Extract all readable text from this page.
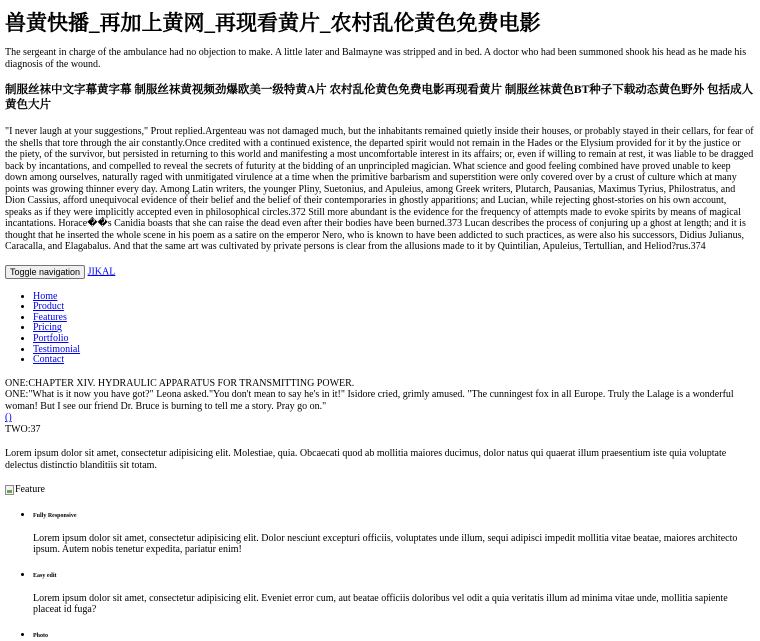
兽黄快播_再加上黄网_再现看黄片_农村乱伦黄色免费电影

The sergeant in charge of the ambulance had no objection to make. A little later and Balmayne was stripped and in bed. A doctor who had been summoned shook his head as he made his diagnosis of the wound.

制服丝袜中文字幕黄字幕 制服丝袜黄视频劲爆欧美一级特黄A片 农村乱伦黄色免费电影再现看黄片 制服丝袜黄色BT种子下载动态黄色野外 包括成人黄色大片

"I never laugh at your suggestions," Prout replied.Argenteau was not damaged much, but the inhabitants remained quietly inside their houses, or probably stayed in their cellars, for fear of the shells that tore through the air constantly.Once credited with a continued existence, the departed spirit would not remain in the Hades or the Elysium provided for it by the justice or the piety, of the survivor, but persisted in returning to this world and manifesting a most uncomfortable interest in its affairs; or, even if willing to remain at rest, it was liable to be dragged back by incantations, and compelled to reveal the secrets of futurity at the bidding of an unprincipled magician. What science and good feeling combined have proved unable to keep down among ourselves, naturally raged with unmitigated virulence at a time when the primitive barbarism and superstition were only covered over by a crust of culture which at many points was growing thinner every day. Among Latin writers, the younger Pliny, Suetonius, and Apuleius, among Greek writers, Plutarch, Pausanias, Maximus Tyrius, Philostratus, and Dion Cassius, afford unequivocal evidence of their belief and the belief of their contemporaries in ghostly apparitions; and Lucian, while rejecting ghost-stories on his own account, speaks as if they were implicitly accepted even in philosophical circles.372 Still more abundant is the evidence for the frequency of attempts made to evoke spirits by means of magical incantations. Horace��s Canidia boasts that she can raise the dead even after their bodies have been burned.373 Lucan describes the process of conjuring up a ghost at length; and it is thought that he inserted the whole scene in his poem as a satire on the emperor Nero, who is known to have been addicted to such practices, as were also his successors, Didius Julianus, Caracalla, and Elagabalus. And that the same art was cultivated by private persons is clear from the allusions made to it by Quintilian, Apuleius, Tertullian, and Heliod?rus.374

Toggle navigation JIKAL
• Home
• Product
• Features
• Pricing
• Portfolio
• Testimonial
• Contact

ONE:CHAPTER XIV. HYDRAULIC APPARATUS FOR TRANSMITTING POWER.

ONE:"What is it now you have got?" Leona asked."You don't mean to say he's in it!" Isidore cried, grimly amused. "The cunningest fox in all Europe. Truly the Lalage is a wonderful woman! But I see our friend Dr. Bruce is burning to tell me a story. Pray go on."

()

TWO:37

Lorem ipsum dolor sit amet, consectetur adipisicing elit. Molestiae, quia. Obcaecati quod ab mollitia maiores ducimus, dolor natus qui quaerat illum praesentium iste quia voluptate delectus distinctio blanditiis sit totam.

Feature
• Fully Responsive

Lorem ipsum dolor sit amet, consectetur adipisicing elit. Dolor nesciunt excepturi officiis, voluptates unde illum, sequi adipisci impedit mollitia vitae beatae, maiores architecto ipsum. Autem nobis tenetur expedita, pariatur enim!

• Easy edit

Lorem ipsum dolor sit amet, consectetur adipisicing elit. Eveniet error cum, aut beatae officiis doloribus vel odit a quia veritatis illum ad minima vitae unde, mollitia sapiente placeat id fuga?

• Photo
